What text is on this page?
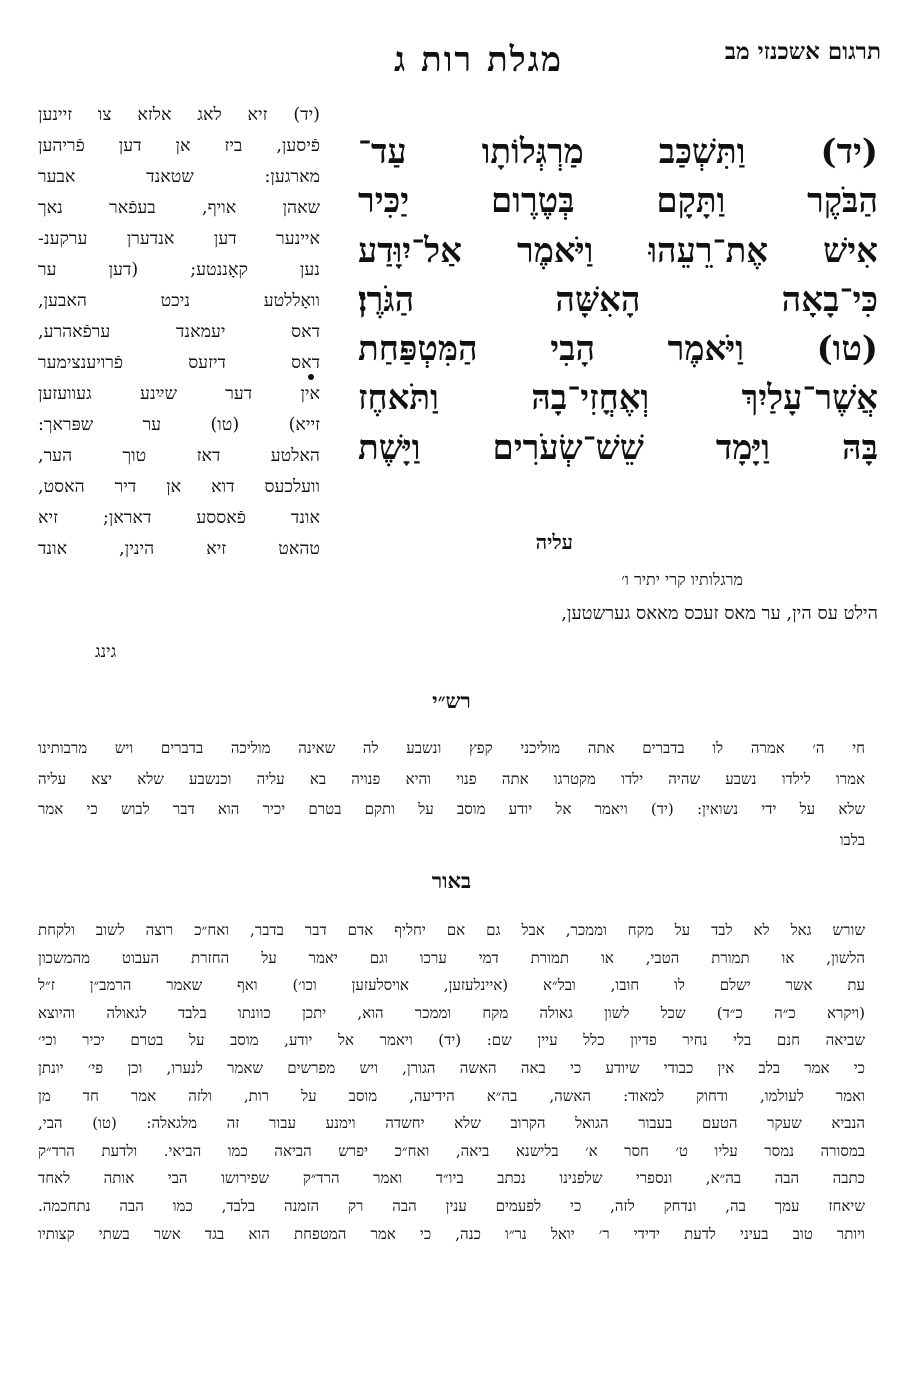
מגלת רות ג	תרגום אשכנזי מב
(יד) זיא לאג אלזא צו זיינען
פֿיסען, ביז אן דען פֿריהען
מארגען: שטאנד אבער
שאהן אויף, בעפֿאר נאך
איינער דען אנדערן ערקענ-
נען קאָננטע; (דען ער
וואָללטע ניכט האבען,
דאס יעמאנד ערפֿאהרע,
דאס דיזעס פֿרויענצימער
אין דער שײַנע געוועזען
זייא) (טו) ער שפּראך:
האלטע דאז טוך הער,
וועלכעס דוא אן דיר האסט,
אונד פֿאססע דאראן; זיא
טהאט זיא הינין, אונד
(יד) וַתִּשְׁכַּב מַרְגְּלוֹתָו עַד־
הַבֹּקֶר וַתָּקָם בְּטֶרֶום יַכִּיר
אִישׁ אֶת־רֵעֵהוּ וַיֹּאמֶר אַל־יִוָּדַע
כִּי־בָאָה הָאִשָּׁה הַגֹּרֶן׃
(טו) וַיֹּאמֶר הָבִי הַמִּטְפַּחַת
אֲשֶׁר־עָלַיִךְ וְאֶחֳזִי־בָהּ וַתֹּאחֶז
בָּהּ וַיָּמָד שֵׁשׁ־שְׂעֹרִים וַיָּשֶׁת
עליה
מרגלותיו קרי יתיר ו׳
הילט עס הין, ער מאס זעכס מאאס גערשטען,
גינג
רש״י
חי ה׳ אמרה לו בדברים אתה מוליכני קפץ ונשבע לה שאינה מוליכה בדברים ויש מרבותינו
אמרו לילדו נשבע שהיה ילדו מקטרגו אתה פנוי והיא פנויה בא עליה וכנשבע שלא יצא עליה
שלא על ידי נשואין: (יד) ויאמר אל יודע מוסב על ותקם בטרם יכיר הוא דבר לבוש כי אמר
בלבו
באור
שורש גאל לא לבד על מקח וממכר, אבל גם אם יחליף אדם דבר בדבר, ואח״כ רוצה לשוב ולקחת
הלשון, או תמורת הטבי, או תמורת דמי ערכו וגם יאמר על החזרת העבוט מהמשכון
עת אשר ישלם לו חובו, ובל״א (איינלעזען, אויסלעזען וכו׳) ואף שאמר הרמב״ן ז״ל
(ויקרא כ״ה כ״ד) שכל לשון גאולה מקח וממכר הוא, יתכן כוונתו בלבד לגאולה והיוצא
שביאה חנם בלי נחיר פדיון כלל עיין שם: (יד) ויאמר אל יודע, מוסב על בטרם יכיר וכי׳
כי אמר בלב אין כבודי שיודע כי באה האשה הגורן, ויש מפרשים שאמר לנערו, וכן פי׳ יונתן
ואמר לעולמו, ודחוק למאוד: האשה, בה״א הידיעה, מוסב על רות, ולזה אמר חד מן
הנביא שעקר הטעם בעבור הגואל הקרוב שלא יחשדה וימנע עבור זה מלגאלה: (טו) הבי,
במסורה נמסר עליו ט׳ חסר א׳ בלישנא ביאה, ואח״כ יפרש הביאה כמו הביאי. ולדעת הרד״ק
כתבה הבה בה״א, ונספרי שלפנינו נכתב ביו״ד ואמר הרד״ק שפירושו הבי אותה לאחד
שיאחז עמך בה, ונדחק לזה, כי לפעמים ענין הבה רק הזמנה בלבד, כמו הבה נתחכמה.
ויותר טוב בעיני לדעת ידידי ר׳ יואל נר״ו כנה, כי אמר המטפחת הוא בגד אשר בשתי קצותיו
